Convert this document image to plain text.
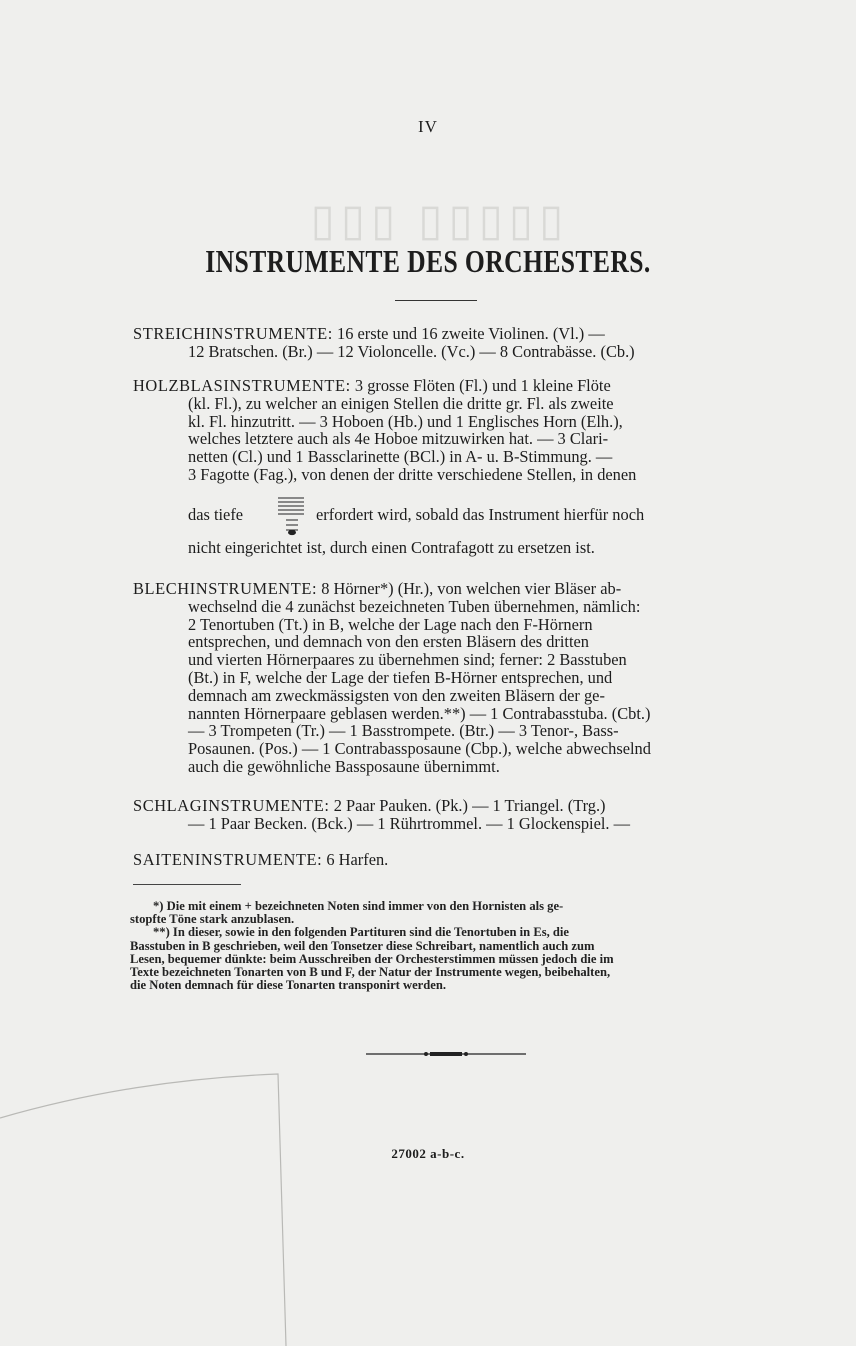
▯▯▯ ▯▯▯▯▯
IV
INSTRUMENTE DES ORCHESTERS.
STREICHINSTRUMENTE: 16 erste und 16 zweite Violinen. (Vl.) —
12 Bratschen. (Br.) — 12 Violoncelle. (Vc.) — 8 Contrabässe. (Cb.)
HOLZBLASINSTRUMENTE: 3 grosse Flöten (Fl.) und 1 kleine Flöte
(kl. Fl.), zu welcher an einigen Stellen die dritte gr. Fl. als zweite
kl. Fl. hinzutritt. — 3 Hoboen (Hb.) und 1 Englisches Horn (Elh.),
welches letztere auch als 4e Hoboe mitzuwirken hat. — 3 Clari-
netten (Cl.) und 1 Bassclarinette (BCl.) in A- u. B-Stimmung. —
3 Fagotte (Fag.), von denen der dritte verschiedene Stellen, in denen
das tiefe	erfordert wird, sobald das Instrument hierfür noch
nicht eingerichtet ist, durch einen Contrafagott zu ersetzen ist.
BLECHINSTRUMENTE: 8 Hörner*) (Hr.), von welchen vier Bläser ab-
wechselnd die 4 zunächst bezeichneten Tuben übernehmen, nämlich:
2 Tenortuben (Tt.) in B, welche der Lage nach den F-Hörnern
entsprechen, und demnach von den ersten Bläsern des dritten
und vierten Hörnerpaares zu übernehmen sind; ferner: 2 Basstuben
(Bt.) in F, welche der Lage der tiefen B-Hörner entsprechen, und
demnach am zweckmässigsten von den zweiten Bläsern der ge-
nannten Hörnerpaare geblasen werden.**) — 1 Contrabasstuba. (Cbt.)
— 3 Trompeten (Tr.) — 1 Basstrompete. (Btr.) — 3 Tenor-, Bass-
Posaunen. (Pos.) — 1 Contrabassposaune (Cbp.), welche abwechselnd
auch die gewöhnliche Bassposaune übernimmt.
SCHLAGINSTRUMENTE: 2 Paar Pauken. (Pk.) — 1 Triangel. (Trg.)
— 1 Paar Becken. (Bck.) — 1 Rührtrommel. — 1 Glockenspiel. —
SAITENINSTRUMENTE: 6 Harfen.
*) Die mit einem + bezeichneten Noten sind immer von den Hornisten als ge-
stopfte Töne stark anzublasen.
**) In dieser, sowie in den folgenden Partituren sind die Tenortuben in Es, die
Basstuben in B geschrieben, weil den Tonsetzer diese Schreibart, namentlich auch zum
Lesen, bequemer dünkte: beim Ausschreiben der Orchesterstimmen müssen jedoch die im
Texte bezeichneten Tonarten von B und F, der Natur der Instrumente wegen, beibehalten,
die Noten demnach für diese Tonarten transponirt werden.
27002 a-b-c.
